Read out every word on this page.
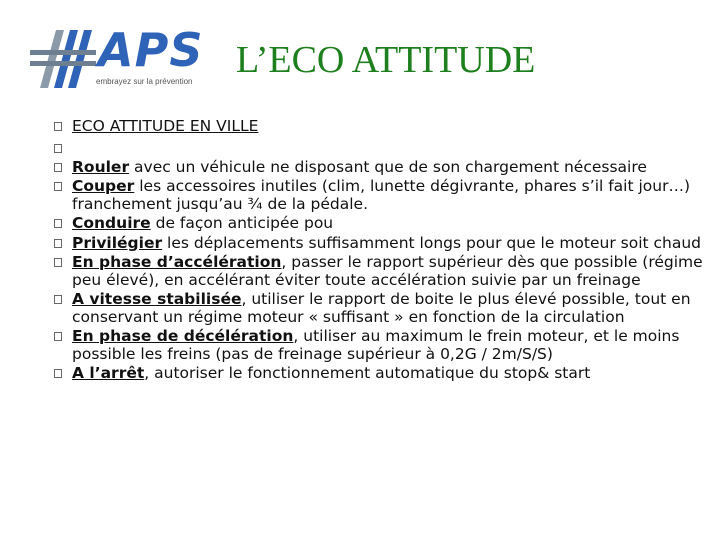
APS
embrayez sur la prévention
L’ECO ATTITUDE
ECO ATTITUDE EN VILLE
Rouler avec un véhicule ne disposant que de son chargement nécessaire
Couper les accessoires inutiles (clim, lunette dégivrante, phares s’il fait jour…) franchement jusqu’au ¾ de la pédale.
Conduire de façon anticipée pou
Privilégier les déplacements suffisamment longs pour que le moteur soit chaud
En phase d’accélération, passer le rapport supérieur dès que possible (régime peu élevé), en accélérant éviter toute accélération suivie par un freinage
A vitesse stabilisée, utiliser le rapport de boite le plus élevé possible, tout en conservant un régime moteur « suffisant » en fonction de la circulation
En phase de décélération, utiliser au maximum le frein moteur, et le moins possible les freins (pas de freinage supérieur à 0,2G / 2m/S/S)
A l’arrêt, autoriser le fonctionnement automatique du stop& start
